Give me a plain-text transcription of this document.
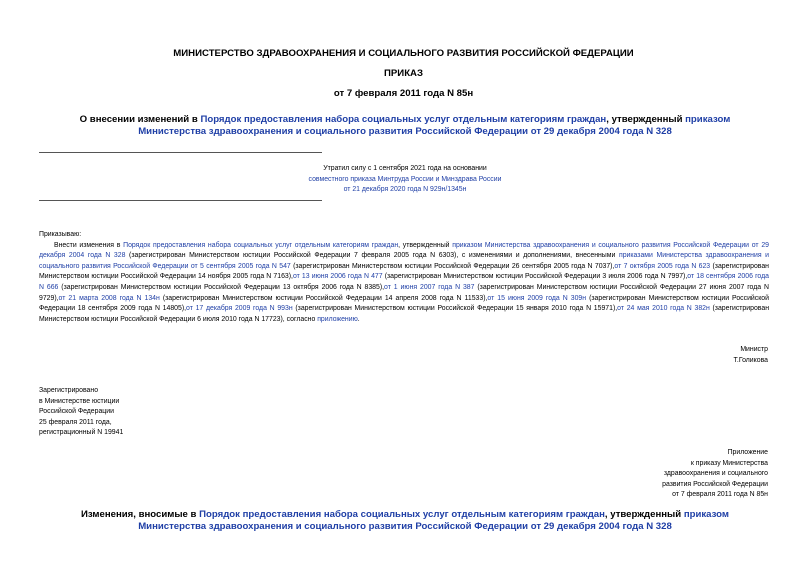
МИНИСТЕРСТВО ЗДРАВООХРАНЕНИЯ И СОЦИАЛЬНОГО РАЗВИТИЯ РОССИЙСКОЙ ФЕДЕРАЦИИ
ПРИКАЗ
от 7 февраля 2011 года N 85н
О внесении изменений в Порядок предоставления набора социальных услуг отдельным категориям граждан, утвержденный приказом Министерства здравоохранения и социального развития Российской Федерации от 29 декабря 2004 года N 328
Утратил силу с 1 сентября 2021 года на основании
совместного приказа Минтруда России и Минздрава России
от 21 декабря 2020 года N 929н/1345н

Приказываю:

Внести изменения в Порядок предоставления набора социальных услуг отдельным категориям граждан, утвержденный приказом Министерства здравоохранения и социального развития Российской Федерации от 29 декабря 2004 года N 328 (зарегистрирован Министерством юстиции Российской Федерации 7 февраля 2005 года N 6303), с изменениями и дополнениями, внесенными приказами Министерства здравоохранения и социального развития Российской Федерации от 5 сентября 2005 года N 547 (зарегистрирован Министерством юстиции Российской Федерации 26 сентября 2005 года N 7037),от 7 октября 2005 года N 623 (зарегистрирован Министерством юстиции Российской Федерации 14 ноября 2005 года N 7163),от 13 июня 2006 года N 477 (зарегистрирован Министерством юстиции Российской Федерации 3 июля 2006 года N 7997),от 18 сентября 2006 года N 666 (зарегистрирован Министерством юстиции Российской Федерации 13 октября 2006 года N 8385),от 1 июня 2007 года N 387 (зарегистрирован Министерством юстиции Российской Федерации 27 июня 2007 года N 9729),от 21 марта 2008 года N 134н (зарегистрирован Министерством юстиции Российской Федерации 14 апреля 2008 года N 11533),от 15 июня 2009 года N 309н (зарегистрирован Министерством юстиции Российской Федерации 18 сентября 2009 года N 14805),от 17 декабря 2009 года N 993н (зарегистрирован Министерством юстиции Российской Федерации 15 января 2010 года N 15971),от 24 мая 2010 года N 382н (зарегистрирован Министерством юстиции Российской Федерации 6 июля 2010 года N 17723), согласно приложению.

Министр
Т.Голикова
Зарегистрировано
в Министерстве юстиции
Российской Федерации
25 февраля 2011 года,
регистрационный N 19941
Приложение
к приказу Министерства
здравоохранения и социального
развития Российской Федерации
от 7 февраля 2011 года N 85н
Изменения, вносимые в Порядок предоставления набора социальных услуг отдельным категориям граждан, утвержденный приказом Министерства здравоохранения и социального развития Российской Федерации от 29 декабря 2004 года N 328
